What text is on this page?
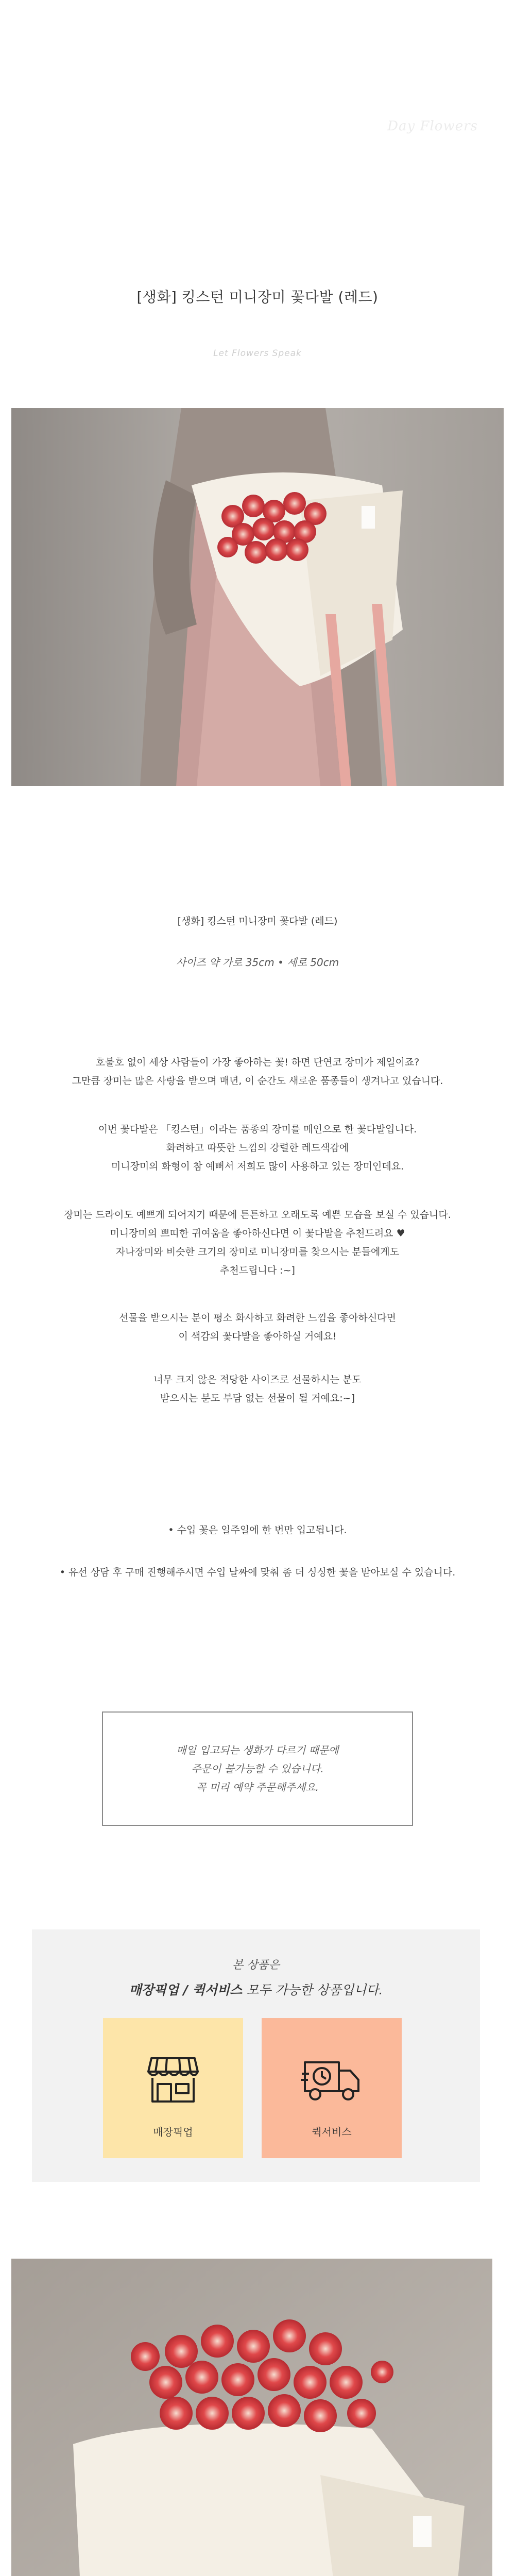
Day Flowers
[생화] 킹스턴 미니장미 꽃다발 (레드)
Let Flowers Speak
[생화] 킹스턴 미니장미 꽃다발 (레드)
사이즈 약 가로 35cm • 세로 50cm
호불호 없이 세상 사람들이 가장 좋아하는 꽃! 하면 단연코 장미가 제일이죠?
그만큼 장미는 많은 사랑을 받으며 매년, 이 순간도 새로운 품종들이 생겨나고 있습니다.
이번 꽃다발은 「킹스턴」이라는 품종의 장미를 메인으로 한 꽃다발입니다.
화려하고 따뜻한 느낌의 강렬한 레드색감에
미니장미의 화형이 참 예뻐서 저희도 많이 사용하고 있는 장미인데요.
장미는 드라이도 예쁘게 되어지기 때문에 튼튼하고 오래도록 예쁜 모습을 보실 수 있습니다.
미니장미의 쁘띠한 귀여움을 좋아하신다면 이 꽃다발을 추천드려요 ♥
자나장미와 비슷한 크기의 장미로 미니장미를 찾으시는 분들에게도
추천드립니다 :~]
선물을 받으시는 분이 평소 화사하고 화려한 느낌을 좋아하신다면
이 색감의 꽃다발을 좋아하실 거예요!
너무 크지 않은 적당한 사이즈로 선물하시는 분도
받으시는 분도 부담 없는 선물이 될 거예요:~]
• 수입 꽃은 일주일에 한 번만 입고됩니다.
• 유선 상담 후 구매 진행해주시면 수입 날짜에 맞춰 좀 더 싱싱한 꽃을 받아보실 수 있습니다.
매일 입고되는 생화가 다르기 때문에
주문이 불가능할 수 있습니다.
꼭 미리 예약 주문해주세요.
본 상품은
매장픽업 / 퀵서비스 모두 가능한 상품입니다.
매장픽업	퀵서비스
